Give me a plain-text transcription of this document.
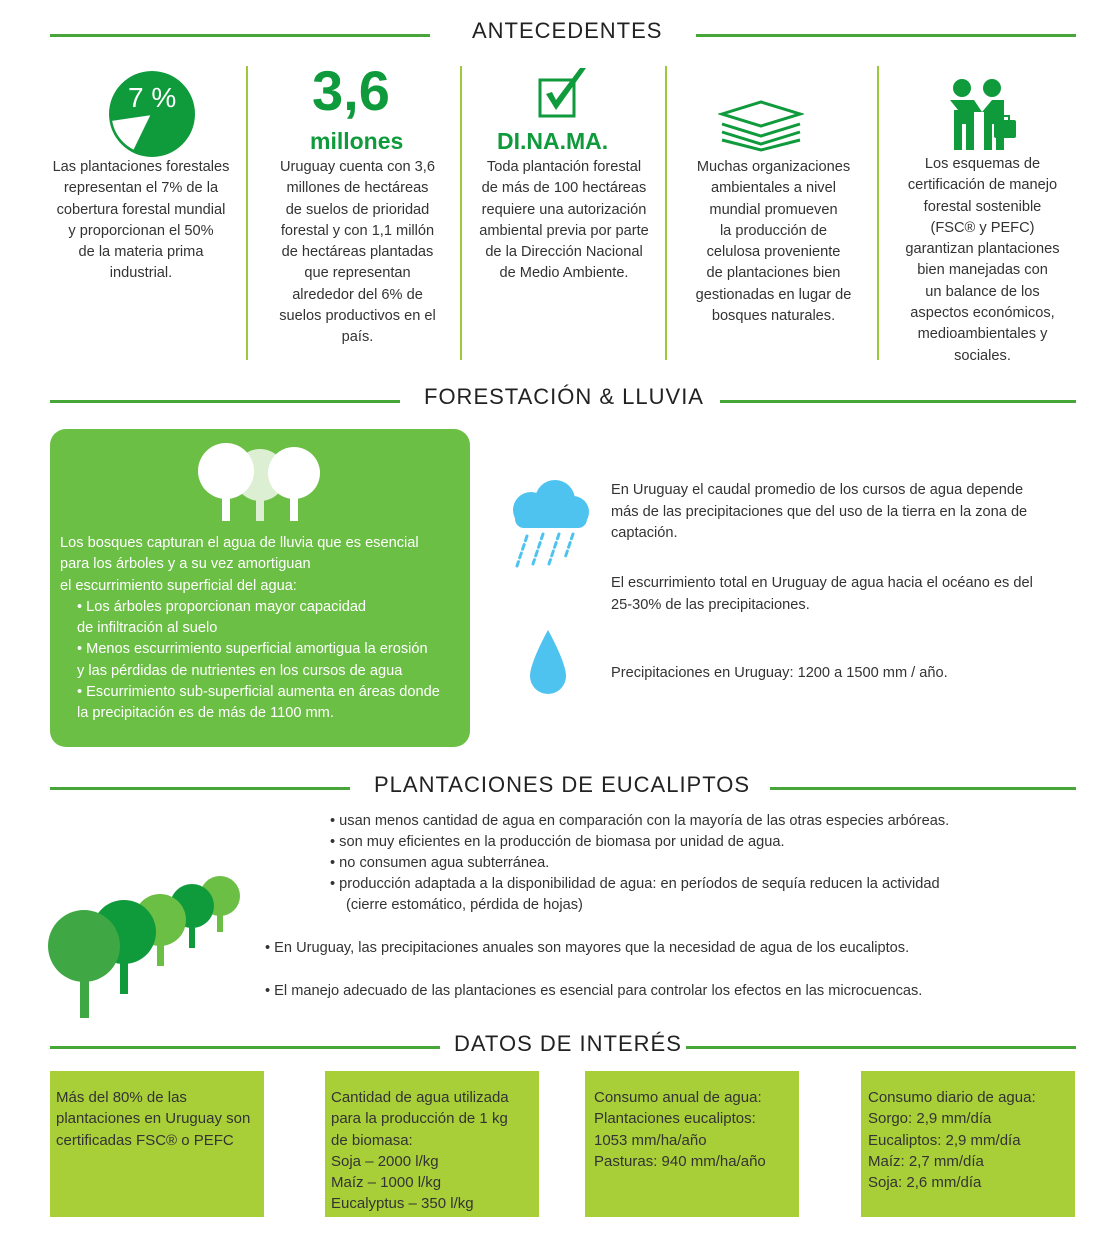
ANTECEDENTES
7 %
Las plantaciones forestales
representan el 7% de la
cobertura forestal mundial
y proporcionan el 50%
de la materia prima
industrial.
3,6
millones
Uruguay cuenta con 3,6
millones de hectáreas
de suelos de prioridad
forestal y con 1,1 millón
de hectáreas plantadas
que representan
alrededor del 6% de
suelos productivos en el
país.
DI.NA.MA.
Toda plantación forestal
de más de 100 hectáreas
requiere una autorización
ambiental previa por parte
de la Dirección Nacional
de Medio Ambiente.
Muchas organizaciones
ambientales a nivel
mundial promueven
la producción de
celulosa proveniente
de plantaciones bien
gestionadas en lugar de
bosques naturales.
Los esquemas de
certificación de manejo
forestal sostenible
(FSC® y PEFC)
garantizan plantaciones
bien manejadas con
un balance de los
aspectos económicos,
medioambientales y
sociales.
FORESTACIÓN & LLUVIA
Los bosques capturan el agua de lluvia que es esencial
para los árboles y a su vez amortiguan
el escurrimiento superficial del agua:
• Los árboles proporcionan mayor capacidad
de infiltración al suelo
• Menos escurrimiento superficial amortigua la erosión
y las pérdidas de nutrientes en los cursos de agua
• Escurrimiento sub-superficial aumenta en áreas donde
la precipitación es de más de 1100 mm.
En Uruguay el caudal promedio de los cursos de agua depende
más de las precipitaciones que del uso de la tierra en la zona de
captación.
El escurrimiento total en Uruguay de agua hacia el océano es del
25-30% de las precipitaciones.
Precipitaciones en Uruguay: 1200 a 1500 mm / año.
PLANTACIONES DE EUCALIPTOS
• usan menos cantidad de agua en comparación con la mayoría de las otras especies arbóreas.
• son muy eficientes en la producción de biomasa por unidad de agua.
• no consumen agua subterránea.
• producción adaptada a la disponibilidad de agua: en períodos de sequía reducen la actividad
(cierre estomático, pérdida de hojas)
• En Uruguay, las precipitaciones anuales son mayores que la necesidad de agua de los eucaliptos.
• El manejo adecuado de las plantaciones es esencial para controlar los efectos en las microcuencas.
DATOS DE INTERÉS
Más del 80% de las
plantaciones en Uruguay son
certificadas FSC® o PEFC
Cantidad de agua utilizada
para la producción de 1 kg
de biomasa:
Soja – 2000 l/kg
Maíz – 1000 l/kg
Eucalyptus – 350 l/kg
Consumo anual de agua:
Plantaciones eucaliptos:
1053 mm/ha/año
Pasturas: 940 mm/ha/año
Consumo diario de agua:
Sorgo: 2,9 mm/día
Eucaliptos: 2,9 mm/día
Maíz: 2,7 mm/día
Soja: 2,6 mm/día
